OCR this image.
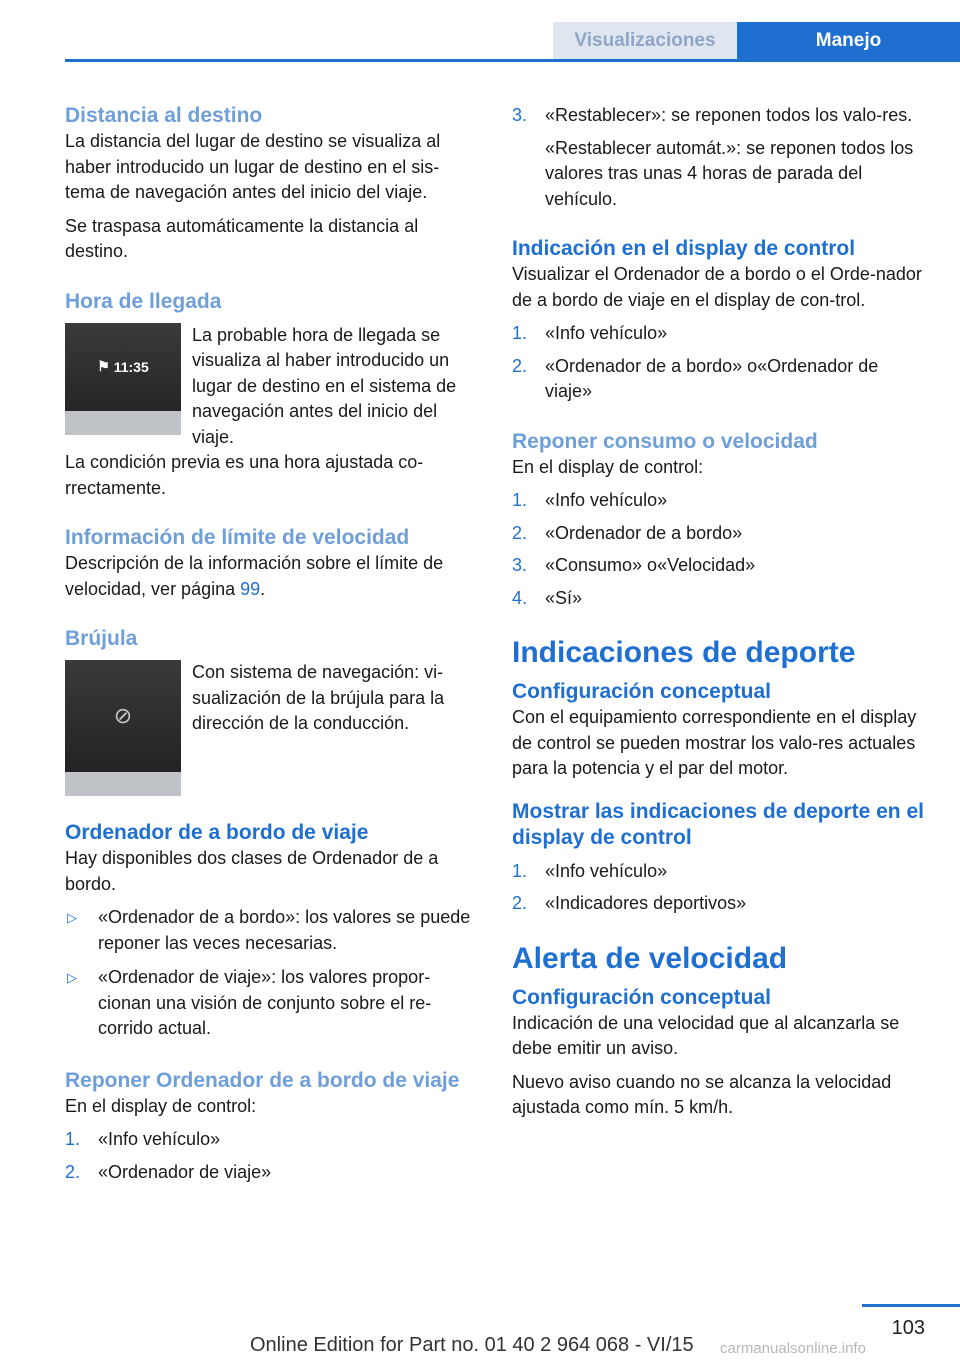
Visualizaciones	Manejo
Distancia al destino

La distancia del lugar de destino se visualiza al haber introducido un lugar de destino en el sis‐tema de navegación antes del inicio del viaje.

Se traspasa automáticamente la distancia al destino.

Hora de llegada
⚑ 11:35

La probable hora de llegada se visualiza al haber introducido un lugar de destino en el sistema de navegación antes del inicio del viaje.

La condición previa es una hora ajustada co‐rrectamente.

Información de límite de velocidad

Descripción de la información sobre el límite de velocidad, ver página 99.

Brújula
⊘

Con sistema de navegación: vi‐sualización de la brújula para la dirección de la conducción.

Ordenador de a bordo de viaje

Hay disponibles dos clases de Ordenador de a bordo.

▷ «Ordenador de a bordo»: los valores se puede reponer las veces necesarias.
▷ «Ordenador de viaje»: los valores propor‐cionan una visión de conjunto sobre el re‐corrido actual.
Reponer Ordenador de a bordo de viaje

En el display de control:

1. «Info vehículo»
2. «Ordenador de viaje»
3. «Restablecer»: se reponen todos los valo‐res.

«Restablecer automát.»: se reponen todos los valores tras unas 4 horas de parada del vehículo.

Indicación en el display de control

Visualizar el Ordenador de a bordo o el Orde‐nador de a bordo de viaje en el display de con‐trol.

1. «Info vehículo»
2. «Ordenador de a bordo» o«Ordenador de viaje»
Reponer consumo o velocidad

En el display de control:

1. «Info vehículo»
2. «Ordenador de a bordo»
3. «Consumo» o«Velocidad»
4. «Sí»
Indicaciones de deporte
Configuración conceptual

Con el equipamiento correspondiente en el display de control se pueden mostrar los valo‐res actuales para la potencia y el par del motor.

Mostrar las indicaciones de deporte en el display de control
1. «Info vehículo»
2. «Indicadores deportivos»
Alerta de velocidad
Configuración conceptual

Indicación de una velocidad que al alcanzarla se debe emitir un aviso.

Nuevo aviso cuando no se alcanza la velocidad ajustada como mín. 5 km/h.

103
Online Edition for Part no. 01 40 2 964 068 - VI/15 carmanualsonline.info
